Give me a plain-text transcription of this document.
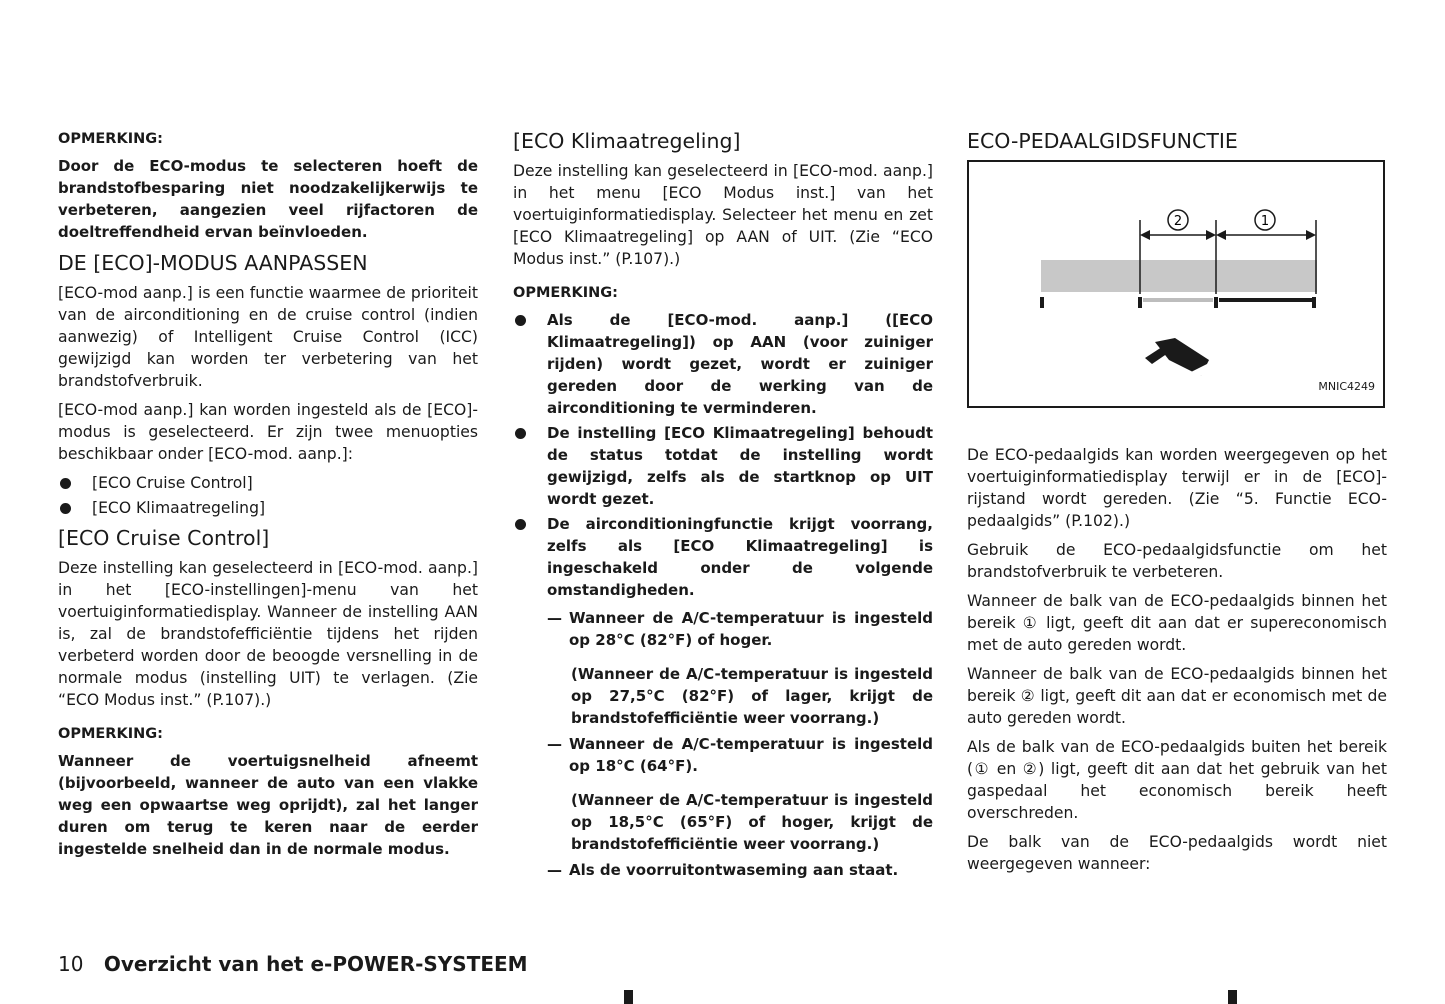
OPMERKING:

Door de ECO-modus te selecteren hoeft de brandstofbesparing niet noodzakelijkerwijs te verbeteren, aangezien veel rijfactoren de doeltreffendheid ervan beïnvloeden.

DE [ECO]-MODUS AANPASSEN

[ECO-mod aanp.] is een functie waarmee de prioriteit van de airconditioning en de cruise control (indien aanwezig) of Intelligent Cruise Control (ICC) gewijzigd kan worden ter verbetering van het brandstofverbruik.

[ECO-mod aanp.] kan worden ingesteld als de [ECO]-modus is geselecteerd. Er zijn twee menuopties beschikbaar onder [ECO-mod. aanp.]:

[ECO Cruise Control]
[ECO Klimaatregeling]
[ECO Cruise Control]

Deze instelling kan geselecteerd in [ECO-mod. aanp.] in het [ECO-instellingen]-menu van het voertuiginformatiedisplay. Wanneer de instelling AAN is, zal de brandstofefficiëntie tijdens het rijden verbeterd worden door de beoogde versnelling in de normale modus (instelling UIT) te verlagen. (Zie “ECO Modus inst.” (P.107).)

OPMERKING:

Wanneer de voertuigsnelheid afneemt (bijvoorbeeld, wanneer de auto van een vlakke weg een opwaartse weg oprijdt), zal het langer duren om terug te keren naar de eerder ingestelde snelheid dan in de normale modus.

[ECO Klimaatregeling]

Deze instelling kan geselecteerd in [ECO-mod. aanp.] in het menu [ECO Modus inst.] van het voertuiginformatiedisplay. Selecteer het menu en zet [ECO Klimaatregeling] op AAN of UIT. (Zie “ECO Modus inst.” (P.107).)

OPMERKING:
Als de [ECO-mod. aanp.] ([ECO Klimaatregeling]) op AAN (voor zuiniger rijden) wordt gezet, wordt er zuiniger gereden door de werking van de airconditioning te verminderen.
De instelling [ECO Klimaatregeling] behoudt de status totdat de instelling wordt gewijzigd, zelfs als de startknop op UIT wordt gezet.
De airconditioningfunctie krijgt voorrang, zelfs als [ECO Klimaatregeling] is ingeschakeld onder de volgende omstandigheden.
— Wanneer de A/C-temperatuur is ingesteld op 28°C (82°F) of hoger.
(Wanneer de A/C-temperatuur is ingesteld op 27,5°C (82°F) of lager, krijgt de brandstofefficiëntie weer voorrang.)
— Wanneer de A/C-temperatuur is ingesteld op 18°C (64°F).
(Wanneer de A/C-temperatuur is ingesteld op 18,5°C (65°F) of hoger, krijgt de brandstofefficiëntie weer voorrang.)
— Als de voorruitontwaseming aan staat.
ECO-PEDAALGIDSFUNCTIE
2	1
MNIC4249

De ECO-pedaalgids kan worden weergegeven op het voertuiginformatiedisplay terwijl er in de [ECO]-rijstand wordt gereden. (Zie “5. Functie ECO-pedaalgids” (P.102).)

Gebruik de ECO-pedaalgidsfunctie om het brandstofverbruik te verbeteren.

Wanneer de balk van de ECO-pedaalgids binnen het bereik ① ligt, geeft dit aan dat er supereconomisch met de auto gereden wordt.

Wanneer de balk van de ECO-pedaalgids binnen het bereik ② ligt, geeft dit aan dat er economisch met de auto gereden wordt.

Als de balk van de ECO-pedaalgids buiten het bereik (① en ②) ligt, geeft dit aan dat het gebruik van het gaspedaal het economisch bereik heeft overschreden.

De balk van de ECO-pedaalgids wordt niet weergegeven wanneer:

10 Overzicht van het e-POWER-SYSTEEM
